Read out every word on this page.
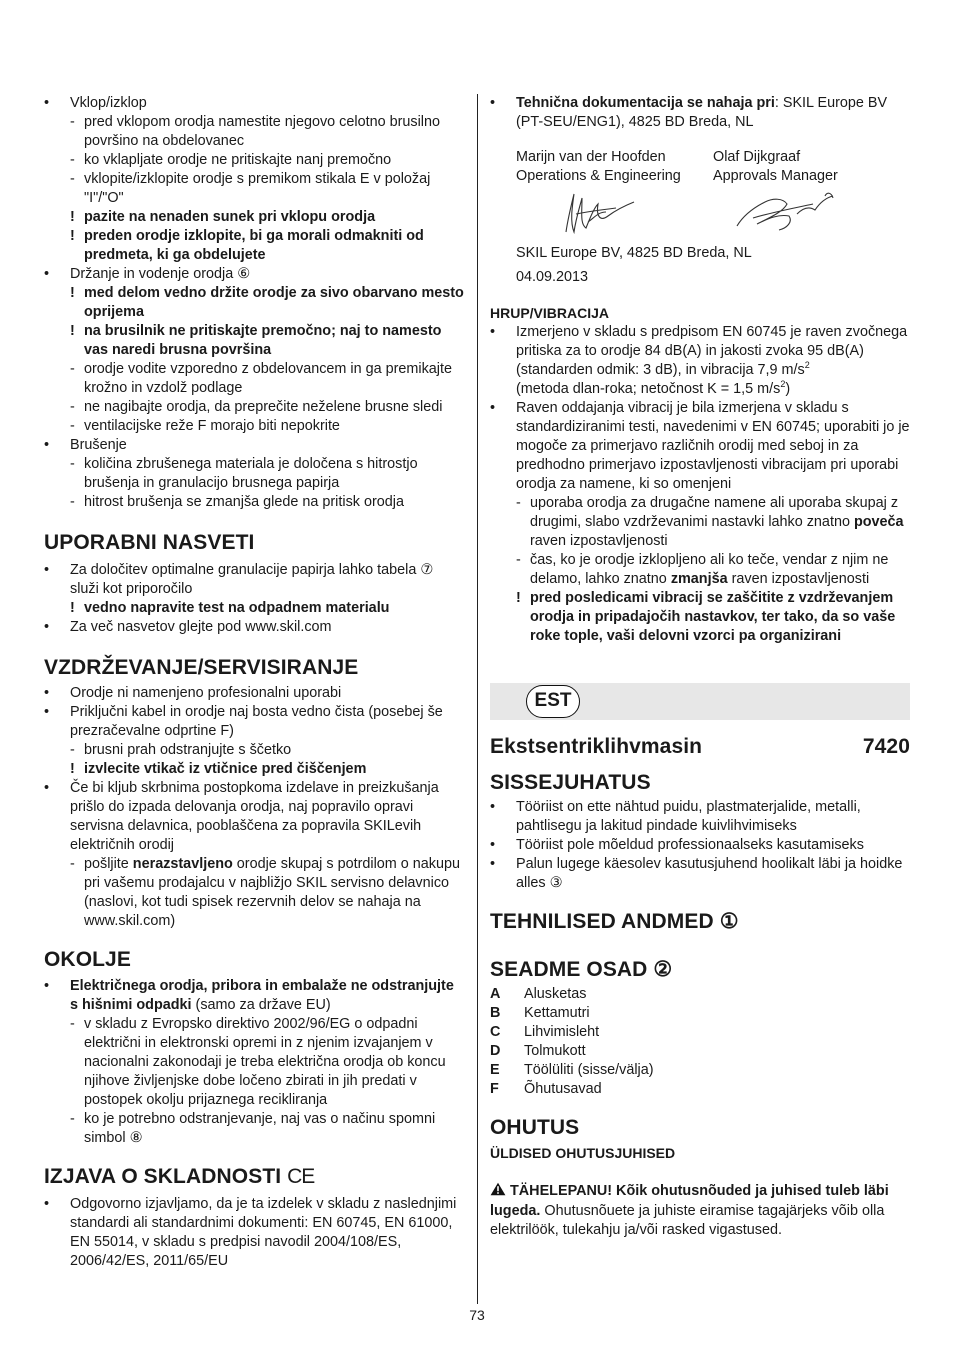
• Vklop/izklop
- pred vklopom orodja namestite njegovo celotno brusilno površino na obdelovanec
- ko vklapljate orodje ne pritiskajte nanj premočno
- vklopite/izklopite orodje s premikom stikala E v položaj "I"/"O"
! pazite na nenaden sunek pri vklopu orodja
! preden orodje izklopite, bi ga morali odmakniti od predmeta, ki ga obdelujete
• Držanje in vodenje orodja ⑥
! med delom vedno držite orodje za sivo obarvano mesto oprijema
! na brusilnik ne pritiskajte premočno; naj to namesto vas naredi brusna površina
- orodje vodite vzporedno z obdelovancem in ga premikajte krožno in vzdolž podlage
- ne nagibajte orodja, da preprečite neželene brusne sledi
- ventilacijske reže F morajo biti nepokrite
• Brušenje
- količina zbrušenega materiala je določena s hitrostjo brušenja in granulacijo brusnega papirja
- hitrost brušenja se zmanjša glede na pritisk orodja
UPORABNI NASVETI
• Za določitev optimalne granulacije papirja lahko tabela ⑦ služi kot priporočilo
! vedno napravite test na odpadnem materialu
• Za več nasvetov glejte pod www.skil.com
VZDRŽEVANJE/SERVISIRANJE
• Orodje ni namenjeno profesionalni uporabi
• Priključni kabel in orodje naj bosta vedno čista (posebej še prezračevalne odprtine F)
- brusni prah odstranjujte s ščetko
! izvlecite vtikač iz vtičnice pred čiščenjem
• Če bi kljub skrbnima postopkoma izdelave in preizkušanja prišlo do izpada delovanja orodja, naj popravilo opravi servisna delavnica, pooblaščena za popravila SKILevih električnih orodij
- pošljite nerazstavljeno orodje skupaj s potrdilom o nakupu pri vašemu prodajalcu v najbližjo SKIL servisno delavnico (naslovi, kot tudi spisek rezervnih delov se nahaja na www.skil.com)
OKOLJE
• Električnega orodja, pribora in embalaže ne odstranjujte s hišnimi odpadki (samo za države EU)
- v skladu z Evropsko direktivo 2002/96/EG o odpadni električni in elektronski opremi in z njenim izvajanjem v nacionalni zakonodaji je treba električna orodja ob koncu njihove življenjske dobe ločeno zbirati in jih predati v postopek okolju prijaznega recikliranja
- ko je potrebno odstranjevanje, naj vas o načinu spomni simbol ⑧
IZJAVA O SKLADNOSTI CE
• Odgovorno izjavljamo, da je ta izdelek v skladu z naslednjimi standardi ali standardnimi dokumenti: EN 60745, EN 61000, EN 55014, v skladu s predpisi navodil 2004/108/ES, 2006/42/ES, 2011/65/EU
• Tehnična dokumentacija se nahaja pri: SKIL Europe BV (PT-SEU/ENG1), 4825 BD Breda, NL
Marijn van der Hoofden	Olaf Dijkgraaf
Operations & Engineering	Approvals Manager
SKIL Europe BV, 4825 BD Breda, NL
04.09.2013
HRUP/VIBRACIJA
• Izmerjeno v skladu s predpisom EN 60745 je raven zvočnega pritiska za to orodje 84 dB(A) in jakosti zvoka 95 dB(A) (standarden odmik: 3 dB), in vibracija 7,9 $m/s^2$
(metoda dlan-roka; netočnost K = 1,5 $m/s^2$)
• Raven oddajanja vibracij je bila izmerjena v skladu s standardiziranimi testi, navedenimi v EN 60745; uporabiti jo je mogoče za primerjavo različnih orodij med seboj in za predhodno primerjavo izpostavljenosti vibracijam pri uporabi orodja za namene, ki so omenjeni
- uporaba orodja za drugačne namene ali uporaba skupaj z drugimi, slabo vzdrževanimi nastavki lahko znatno poveča raven izpostavljenosti
- čas, ko je orodje izklopljeno ali ko teče, vendar z njim ne delamo, lahko znatno zmanjša raven izpostavljenosti
! pred posledicami vibracij se zaščitite z vzdrževanjem orodja in pripadajočih nastavkov, ter tako, da so vaše roke tople, vaši delovni vzorci pa organizirani
EST
Ekstsentriklihvmasin	7420
SISSEJUHATUS
• Tööriist on ette nähtud puidu, plastmaterjalide, metalli, pahtlisegu ja lakitud pindade kuivlihvimiseks
• Tööriist pole mõeldud professionaalseks kasutamiseks
• Palun lugege käesolev kasutusjuhend hoolikalt läbi ja hoidke alles ③
TEHNILISED ANDMED ①
SEADME OSAD ②
A	Alusketas
B	Kettamutri
C	Lihvimisleht
D	Tolmukott
E	Töölüliti (sisse/välja)
F	Õhutusavad
OHUTUS
ÜLDISED OHUTUSJUHISED
TÄHELEPANU! Kõik ohutusnõuded ja juhised tuleb läbi lugeda. Ohutusnõuete ja juhiste eiramise tagajärjeks võib olla elektrilöök, tulekahju ja/või rasked vigastused.
73
